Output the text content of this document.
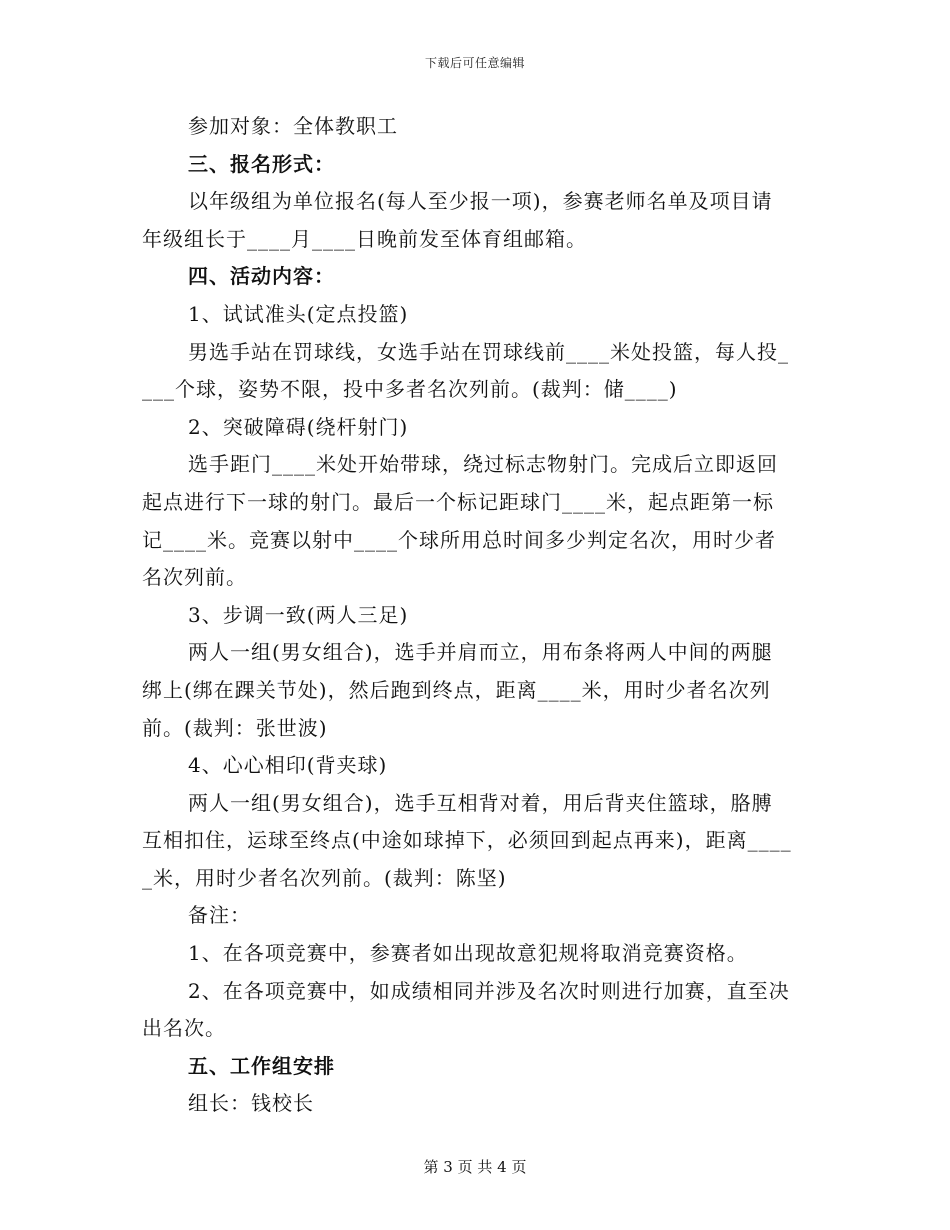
下载后可任意编辑
参加对象：全体教职工
三、报名形式：
以年级组为单位报名(每人至少报一项)，参赛老师名单及项目请
年级组长于____月____日晚前发至体育组邮箱。
四、活动内容：
1、试试准头(定点投篮)
男选手站在罚球线，女选手站在罚球线前____米处投篮，每人投_
___个球，姿势不限，投中多者名次列前。(裁判：储____)
2、突破障碍(绕杆射门)
选手距门____米处开始带球，绕过标志物射门。完成后立即返回
起点进行下一球的射门。最后一个标记距球门____米，起点距第一标
记____米。竞赛以射中____个球所用总时间多少判定名次，用时少者
名次列前。
3、步调一致(两人三足)
两人一组(男女组合)，选手并肩而立，用布条将两人中间的两腿
绑上(绑在踝关节处)，然后跑到终点，距离____米，用时少者名次列
前。(裁判：张世波)
4、心心相印(背夹球)
两人一组(男女组合)，选手互相背对着，用后背夹住篮球，胳膊
互相扣住，运球至终点(中途如球掉下，必须回到起点再来)，距离____
_米，用时少者名次列前。(裁判：陈坚)
备注：
1、在各项竞赛中，参赛者如出现故意犯规将取消竞赛资格。
2、在各项竞赛中，如成绩相同并涉及名次时则进行加赛，直至决
出名次。
五、工作组安排
组长：钱校长
第 3 页 共 4 页
